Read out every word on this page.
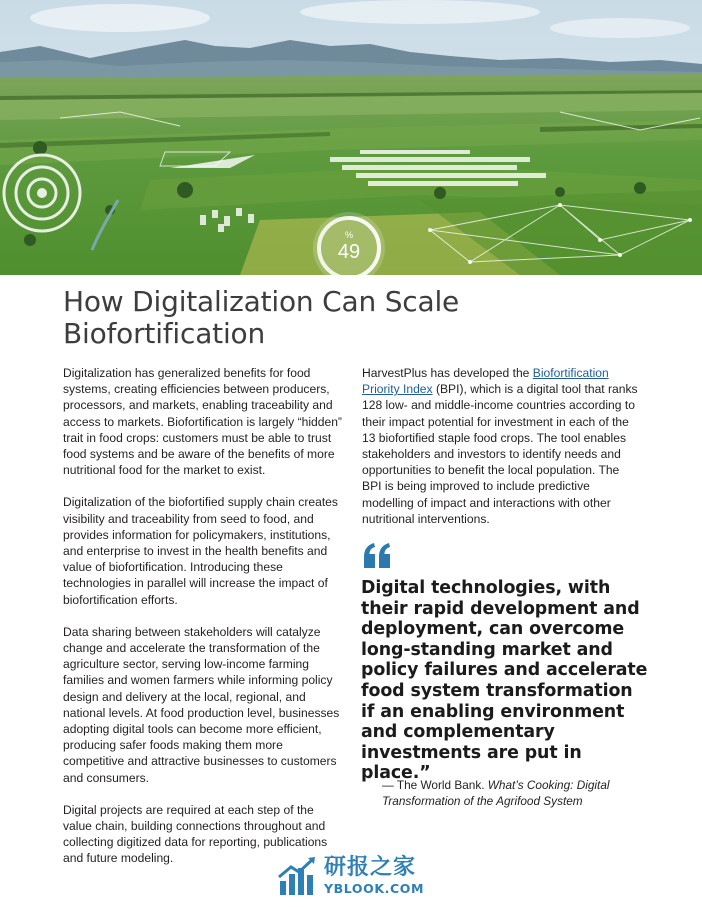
49
%
How Digitalization Can Scale Biofortification

Digitalization has generalized benefits for food systems, creating efficiencies between producers, processors, and markets, enabling traceability and access to markets. Biofortification is largely “hidden” trait in food crops: customers must be able to trust food systems and be aware of the benefits of more nutritional food for the market to exist.

Digitalization of the biofortified supply chain creates visibility and traceability from seed to food, and provides information for policymakers, institutions, and enterprise to invest in the health benefits and value of biofortification. Introducing these technologies in parallel will increase the impact of biofortification efforts.

Data sharing between stakeholders will catalyze change and accelerate the transformation of the agriculture sector, serving low-income farming families and women farmers while informing policy design and delivery at the local, regional, and national levels. At food production level, businesses adopting digital tools can become more efficient, producing safer foods making them more competitive and attractive businesses to customers and consumers.

Digital projects are required at each step of the value chain, building connections throughout and collecting digitized data for reporting, publications and future modeling.

HarvestPlus has developed the Biofortification Priority Index (BPI), which is a digital tool that ranks 128 low- and middle-income countries according to their impact potential for investment in each of the 13 biofortified staple food crops. The tool enables stakeholders and investors to identify needs and opportunities to benefit the local population. The BPI is being improved to include predictive modelling of impact and interactions with other nutritional interventions.

Digital technologies, with their rapid development and deployment, can overcome long-standing market and policy failures and accelerate food system transformation if an enabling environment and complementary investments are put in place.”

— The World Bank. What’s Cooking: Digital Transformation of the Agrifood System
研报之家
YBLOOK.COM
